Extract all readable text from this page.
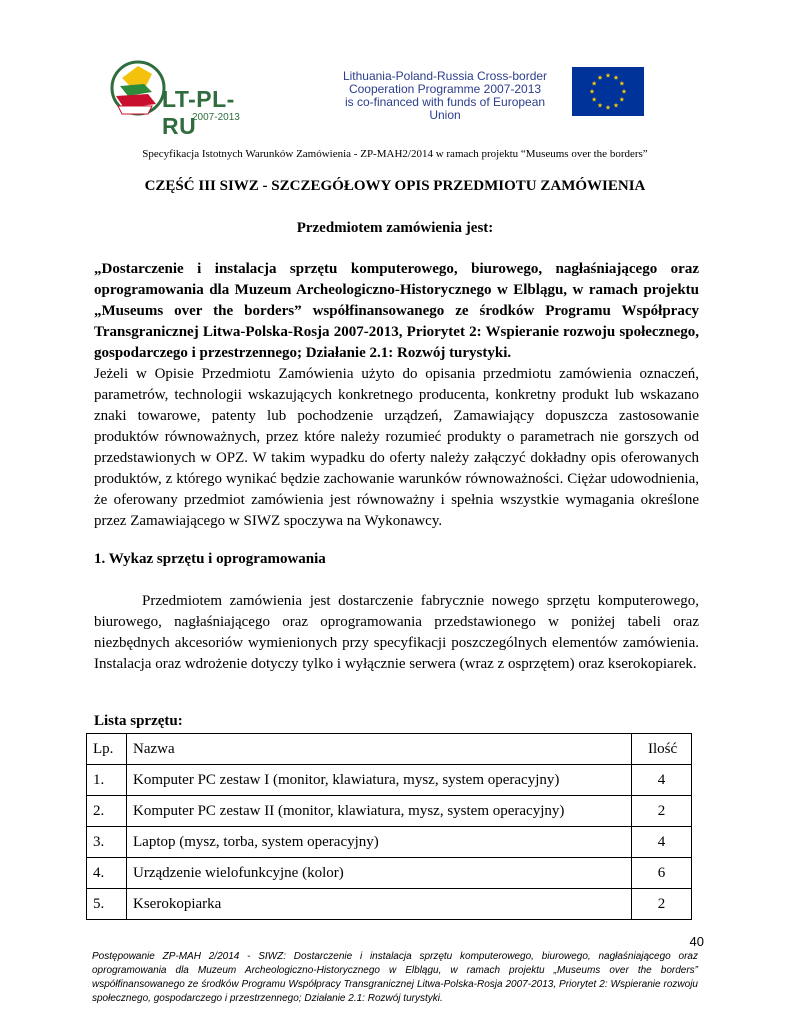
LT-PL-RU
2007-2013
Lithuania-Poland-Russia Cross-border
Cooperation Programme 2007-2013
is co-financed with funds of European Union
Specyfikacja Istotnych Warunków Zamówienia - ZP-MAH2/2014 w ramach projektu “Museums over the borders”
CZĘŚĆ III SIWZ - SZCZEGÓŁOWY OPIS PRZEDMIOTU ZAMÓWIENIA
Przedmiotem zamówienia jest:
„Dostarczenie i instalacja sprzętu komputerowego, biurowego, nagłaśniającego oraz oprogramowania dla Muzeum Archeologiczno-Historycznego w Elblągu, w ramach projektu „Museums over the borders” współfinansowanego ze środków Programu Współpracy Transgranicznej Litwa-Polska-Rosja 2007-2013, Priorytet 2: Wspieranie rozwoju społecznego, gospodarczego i przestrzennego; Działanie 2.1: Rozwój turystyki.
Jeżeli w Opisie Przedmiotu Zamówienia użyto do opisania przedmiotu zamówienia oznaczeń, parametrów, technologii wskazujących konkretnego producenta, konkretny produkt lub wskazano znaki towarowe, patenty lub pochodzenie urządzeń, Zamawiający dopuszcza zastosowanie produktów równoważnych, przez które należy rozumieć produkty o parametrach nie gorszych od przedstawionych w OPZ. W takim wypadku do oferty należy załączyć dokładny opis oferowanych produktów, z którego wynikać będzie zachowanie warunków równoważności. Ciężar udowodnienia, że oferowany przedmiot zamówienia jest równoważny i spełnia wszystkie wymagania określone przez Zamawiającego w SIWZ spoczywa na Wykonawcy.
1. Wykaz sprzętu i oprogramowania
Przedmiotem zamówienia jest dostarczenie fabrycznie nowego sprzętu komputerowego, biurowego, nagłaśniającego oraz oprogramowania przedstawionego w poniżej tabeli oraz niezbędnych akcesoriów wymienionych przy specyfikacji poszczególnych elementów zamówienia. Instalacja oraz wdrożenie dotyczy tylko i wyłącznie serwera (wraz z osprzętem) oraz kserokopiarek.
Lista sprzętu:
Lp.	Nazwa	Ilość
1.	Komputer PC zestaw I (monitor, klawiatura, mysz, system operacyjny)	4
2.	Komputer PC zestaw II (monitor, klawiatura, mysz, system operacyjny)	2
3.	Laptop (mysz, torba, system operacyjny)	4
4.	Urządzenie wielofunkcyjne (kolor)	6
5.	Kserokopiarka	2
40
Postępowanie ZP-MAH 2/2014 - SIWZ: Dostarczenie i instalacja sprzętu komputerowego, biurowego, nagłaśniającego oraz oprogramowania dla Muzeum Archeologiczno-Historycznego w Elblągu, w ramach projektu „Museums over the borders” współfinansowanego ze środków Programu Współpracy Transgranicznej Litwa-Polska-Rosja 2007-2013, Priorytet 2: Wspieranie rozwoju społecznego, gospodarczego i przestrzennego; Działanie 2.1: Rozwój turystyki.
